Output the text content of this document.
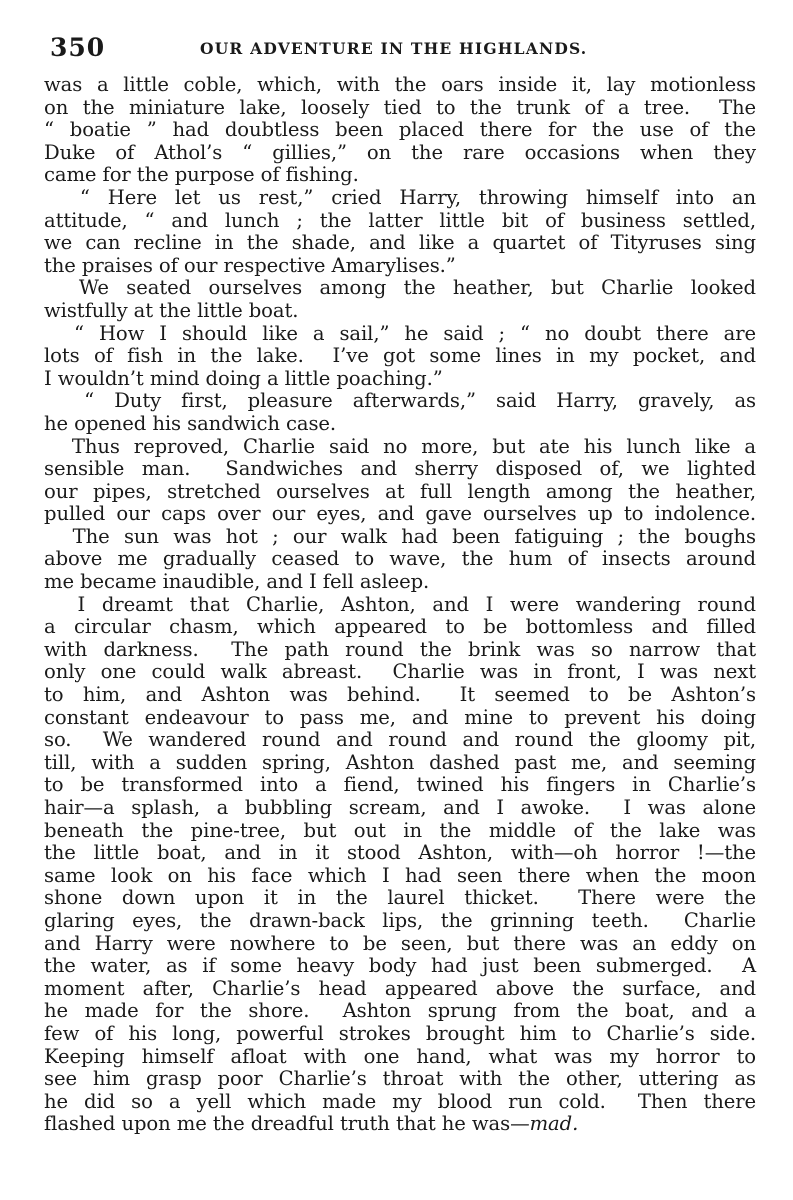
350	OUR ADVENTURE IN THE HIGHLANDS.
was a little coble, which, with the oars inside it, lay motionless
on the miniature lake, loosely tied to the trunk of a tree.  The
“ boatie ” had doubtless been placed there for the use of the
Duke of Athol’s “ gillies,” on the rare occasions when they
came for the purpose of fishing.
“ Here let us rest,” cried Harry, throwing himself into an
attitude, “ and lunch ; the latter little bit of business settled,
we can recline in the shade, and like a quartet of Tityruses sing
the praises of our respective Amarylises.”
We seated ourselves among the heather, but Charlie looked
wistfully at the little boat.
“ How I should like a sail,” he said ; “ no doubt there are
lots of fish in the lake.  I’ve got some lines in my pocket, and
I wouldn’t mind doing a little poaching.”
“ Duty first, pleasure afterwards,” said Harry, gravely, as
he opened his sandwich case.
Thus reproved, Charlie said no more, but ate his lunch like a
sensible man.  Sandwiches and sherry disposed of, we lighted
our pipes, stretched ourselves at full length among the heather,
pulled our caps over our eyes, and gave ourselves up to indolence.
The sun was hot ; our walk had been fatiguing ; the boughs
above me gradually ceased to wave, the hum of insects around
me became inaudible, and I fell asleep.
I dreamt that Charlie, Ashton, and I were wandering round
a circular chasm, which appeared to be bottomless and filled
with darkness.  The path round the brink was so narrow that
only one could walk abreast.  Charlie was in front, I was next
to him, and Ashton was behind.  It seemed to be Ashton’s
constant endeavour to pass me, and mine to prevent his doing
so.  We wandered round and round and round the gloomy pit,
till, with a sudden spring, Ashton dashed past me, and seeming
to be transformed into a fiend, twined his fingers in Charlie’s
hair—a splash, a bubbling scream, and I awoke.  I was alone
beneath the pine-tree, but out in the middle of the lake was
the little boat, and in it stood Ashton, with—oh horror !—the
same look on his face which I had seen there when the moon
shone down upon it in the laurel thicket.  There were the
glaring eyes, the drawn-back lips, the grinning teeth.  Charlie
and Harry were nowhere to be seen, but there was an eddy on
the water, as if some heavy body had just been submerged.  A
moment after, Charlie’s head appeared above the surface, and
he made for the shore.  Ashton sprung from the boat, and a
few of his long, powerful strokes brought him to Charlie’s side.
Keeping himself afloat with one hand, what was my horror to
see him grasp poor Charlie’s throat with the other, uttering as
he did so a yell which made my blood run cold.  Then there
flashed upon me the dreadful truth that he was—mad.
